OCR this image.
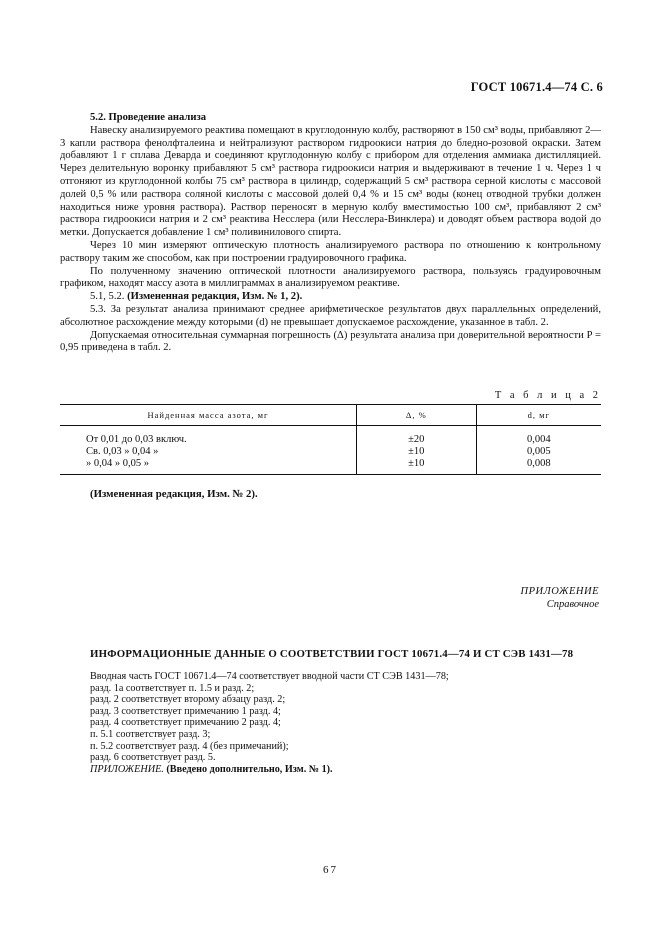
ГОСТ 10671.4—74 С. 6

5.2. Проведение анализа

Навеску анализируемого реактива помещают в круглодонную колбу, растворяют в 150 см³ воды, прибавляют 2—3 капли раствора фенолфталеина и нейтрализуют раствором гидроокиси натрия до бледно-розовой окраски. Затем добавляют 1 г сплава Деварда и соединяют круглодонную колбу с прибором для отделения аммиака дистилляцией. Через делительную воронку прибавляют 5 см³ раствора гидроокиси натрия и выдерживают в течение 1 ч. Через 1 ч отгоняют из круглодонной колбы 75 см³ раствора в цилиндр, содержащий 5 см³ раствора серной кислоты с массовой долей 0,5 % или раствора соляной кислоты с массовой долей 0,4 % и 15 см³ воды (конец отводной трубки должен находиться ниже уровня раствора). Раствор переносят в мерную колбу вместимостью 100 см³, прибавляют 2 см³ раствора гидроокиси натрия и 2 см³ реактива Несслера (или Несслера-Винклера) и доводят объем раствора водой до метки. Допускается добавление 1 см³ поливинилового спирта.

Через 10 мин измеряют оптическую плотность анализируемого раствора по отношению к контрольному раствору таким же способом, как при построении градуировочного графика.

По полученному значению оптической плотности анализируемого раствора, пользуясь градуировочным графиком, находят массу азота в миллиграммах в анализируемом реактиве.

5.1, 5.2. (Измененная редакция, Изм. № 1, 2).

5.3. За результат анализа принимают среднее арифметическое результатов двух параллельных определений, абсолютное расхождение между которыми (d) не превышает допускаемое расхождение, указанное в табл. 2.

Допускаемая относительная суммарная погрешность (Δ) результата анализа при доверительной вероятности P = 0,95 приведена в табл. 2.

Т а б л и ц а 2
Найденная масса азота, мг	Δ, %	d, мг
От 0,01 до 0,03 включ.	±20	0,004
Св. 0,03 » 0,04 »	±10	0,005
» 0,04 » 0,05 »	±10	0,008
(Измененная редакция, Изм. № 2).
ПРИЛОЖЕНИЕ
Справочное
ИНФОРМАЦИОННЫЕ ДАННЫЕ О СООТВЕТСТВИИ ГОСТ 10671.4—74 И СТ СЭВ 1431—78
Вводная часть ГОСТ 10671.4—74 соответствует вводной части СТ СЭВ 1431—78;
разд. 1а соответствует п. 1.5 и разд. 2;
разд. 2 соответствует второму абзацу разд. 2;
разд. 3 соответствует примечанию 1 разд. 4;
разд. 4 соответствует примечанию 2 разд. 4;
п. 5.1 соответствует разд. 3;
п. 5.2 соответствует разд. 4 (без примечаний);
разд. 6 соответствует разд. 5.
ПРИЛОЖЕНИЕ. (Введено дополнительно, Изм. № 1).
67
